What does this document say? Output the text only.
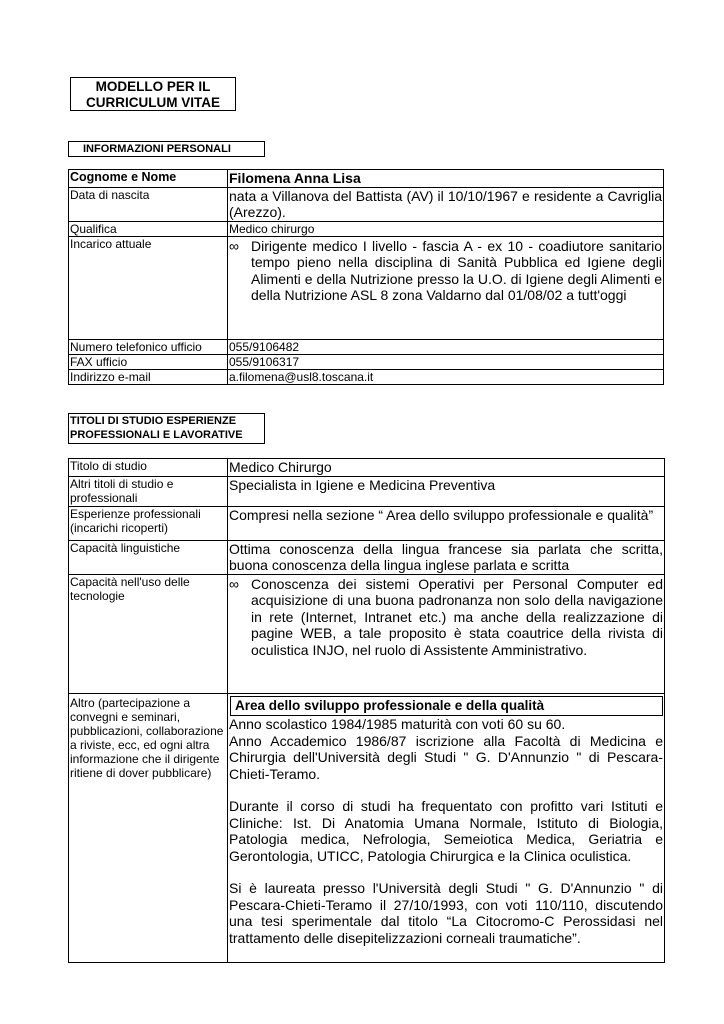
MODELLO PER IL
CURRICULUM VITAE
INFORMAZIONI PERSONALI
Cognome e Nome	Filomena Anna Lisa
Data di nascita	nata a Villanova del Battista (AV) il 10/10/1967 e residente a Cavriglia (Arezzo).
Qualifica	Medico chirurgo
Incarico attuale	∞ Dirigente medico I livello - fascia A - ex 10 - coadiutore sanitario tempo pieno nella disciplina di Sanità Pubblica ed Igiene degli Alimenti e della Nutrizione presso la U.O. di Igiene degli Alimenti e della Nutrizione ASL 8 zona Valdarno dal 01/08/02 a tutt'oggi

Numero telefonico ufficio	055/9106482
FAX ufficio	055/9106317
Indirizzo e-mail	a.filomena@usl8.toscana.it
TITOLI DI STUDIO ESPERIENZE
PROFESSIONALI E LAVORATIVE
Titolo di studio	Medico Chirurgo
Altri titoli di studio e professionali	Specialista in Igiene e Medicina Preventiva
Esperienze professionali (incarichi ricoperti)	Compresi nella sezione “ Area dello sviluppo professionale e qualità”
Capacità linguistiche	Ottima conoscenza della lingua francese sia parlata che scritta, buona conoscenza della lingua inglese parlata e scritta
Capacità nell'uso delle tecnologie	∞ Conoscenza dei sistemi Operativi per Personal Computer ed acquisizione di una buona padronanza non solo della navigazione in rete (Internet, Intranet etc.) ma anche della realizzazione di pagine WEB, a tale proposito è stata coautrice della rivista di oculistica INJO, nel ruolo di Assistente Amministrativo.

Altro (partecipazione a convegni e seminari, pubblicazioni, collaborazione a riviste, ecc, ed ogni altra informazione che il dirigente ritiene di dover pubblicare)	Area dello sviluppo professionale e della qualità

Anno scolastico 1984/1985 maturità con voti 60 su 60.

Anno Accademico 1986/87 iscrizione alla Facoltà di Medicina e Chirurgia dell'Università degli Studi " G. D'Annunzio " di Pescara-Chieti-Teramo.

Durante il corso di studi ha frequentato con profitto vari Istituti e Cliniche: Ist. Di Anatomia Umana Normale, Istituto di Biologia, Patologia medica, Nefrologia, Semeiotica Medica, Geriatria e Gerontologia, UTICC, Patologia Chirurgica e la Clinica oculistica.

Si è laureata presso l'Università degli Studi " G. D'Annunzio " di Pescara-Chieti-Teramo il 27/10/1993, con voti 110/110, discutendo una tesi sperimentale dal titolo “La Citocromo-C Perossidasi nel trattamento delle disepitelizzazioni corneali traumatiche”.
